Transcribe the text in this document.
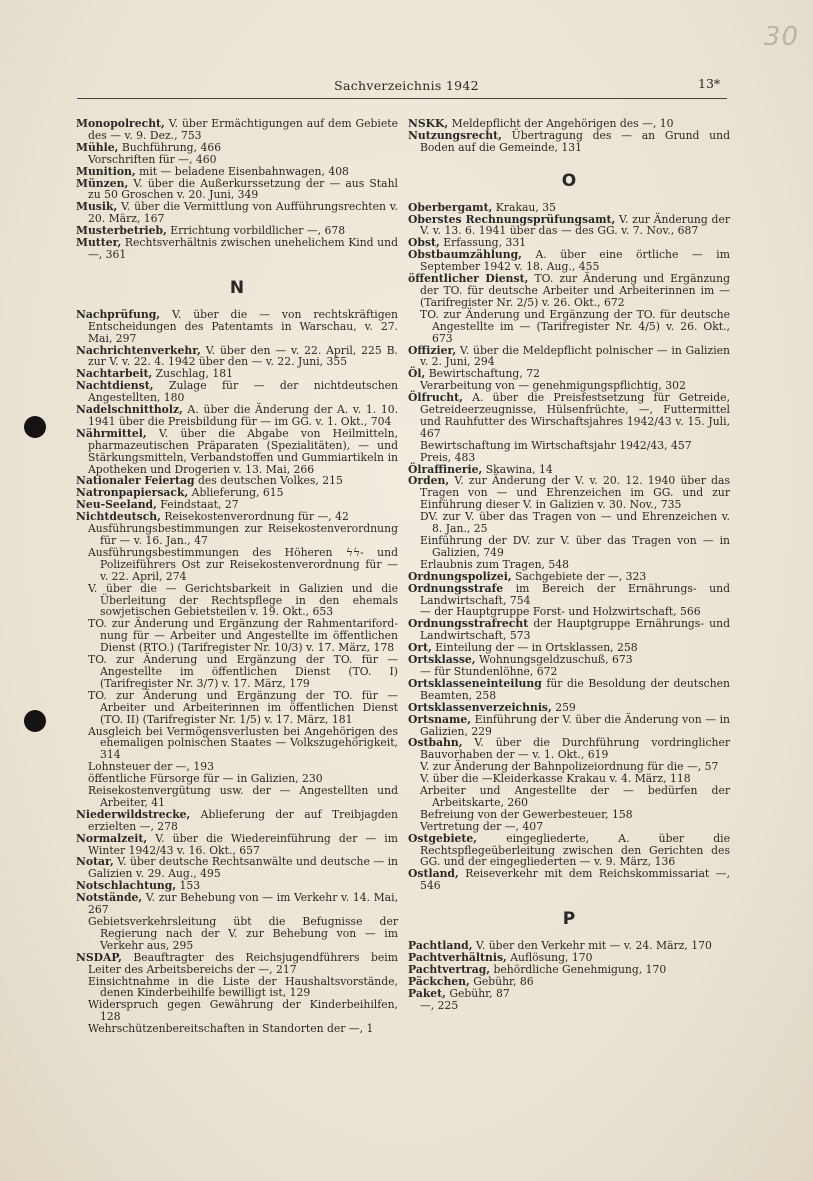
30
Sachverzeichnis 1942	13*

Monopolrecht, V. über Ermächtigungen auf dem Gebiete des — v. 9. Dez., 753

Mühle, Buchführung, 466

Vorschriften für —, 460

Munition, mit — beladene Eisenbahnwagen, 408

Münzen, V. über die Außerkurssetzung der — aus Stahl zu 50 Groschen v. 20. Juni, 349

Musik, V. über die Vermittlung von Aufführungsrechten v. 20. März, 167

Musterbetrieb, Errichtung vorbildlicher —, 678

Mutter, Rechtsverhältnis zwischen unehelichem Kind und —, 361

N

Nachprüfung, V. über die — von rechtskräftigen Entscheidungen des Patentamts in Warschau, v. 27. Mai, 297

Nachrichtenverkehr, V. über den — v. 22. April, 225 B. zur V. v. 22. 4. 1942 über den — v. 22. Juni, 355

Nachtarbeit, Zuschlag, 181

Nachtdienst, Zulage für — der nichtdeutschen Angestellten, 180

Nadelschnittholz, A. über die Änderung der A. v. 1. 10. 1941 über die Preisbildung für — im GG. v. 1. Okt., 704

Nährmittel, V. über die Abgabe von Heilmitteln, pharmazeutischen Präparaten (Spezialitäten), — und Stärkungsmitteln, Verbandstoffen und Gummiartikeln in Apotheken und Drogerien v. 13. Mai, 266

Nationaler Feiertag des deutschen Volkes, 215

Natronpapiersack, Ablieferung, 615

Neu-Seeland, Feindstaat, 27

Nichtdeutsch, Reisekostenverordnung für —, 42

Ausführungsbestimmungen zur Reisekostenverordnung für — v. 16. Jan., 47

Ausführungsbestimmungen des Höheren ϟϟ- und Polizeiführers Ost zur Reisekostenverordnung für — v. 22. April, 274

V. über die — Gerichtsbarkeit in Galizien und die Überleitung der Rechtspflege in den ehemals sowjetischen Gebietsteilen v. 19. Okt., 653

TO. zur Änderung und Ergänzung der Rahmentarifordnung für — Arbeiter und Angestellte im öffentlichen Dienst (RTO.) (Tarifregister Nr. 10/3) v. 17. März, 178

TO. zur Änderung und Ergänzung der TO. für — Angestellte im öffentlichen Dienst (TO. I) (Tarifregister Nr. 3/7) v. 17. März, 179

TO. zur Änderung und Ergänzung der TO. für — Arbeiter und Arbeiterinnen im öffentlichen Dienst (TO. II) (Tarifregister Nr. 1/5) v. 17. März, 181

Ausgleich bei Vermögensverlusten bei Angehörigen des ehemaligen polnischen Staates — Volkszugehörigkeit, 314

Lohnsteuer der —, 193

öffentliche Fürsorge für — in Galizien, 230

Reisekostenvergütung usw. der — Angestellten und Arbeiter, 41

Niederwildstrecke, Ablieferung der auf Treibjagden erzielten —, 278

Normalzeit, V. über die Wiedereinführung der — im Winter 1942/43 v. 16. Okt., 657

Notar, V. über deutsche Rechtsanwälte und deutsche — in Galizien v. 29. Aug., 495

Notschlachtung, 153

Notstände, V. zur Behebung von — im Verkehr v. 14. Mai, 267

Gebietsverkehrsleitung übt die Befugnisse der Regierung nach der V. zur Behebung von — im Verkehr aus, 295

NSDAP, Beauftragter des Reichsjugendführers beim Leiter des Arbeitsbereichs der —, 217

Einsichtnahme in die Liste der Haushaltsvorstände, denen Kinderbeihilfe bewilligt ist, 129

Widerspruch gegen Gewährung der Kinderbeihilfen, 128

Wehrschützenbereitschaften in Standorten der —, 1

NSKK, Meldepflicht der Angehörigen des —, 10

Nutzungsrecht, Übertragung des — an Grund und Boden auf die Gemeinde, 131

O

Oberbergamt, Krakau, 35

Oberstes Rechnungsprüfungsamt, V. zur Änderung der V. v. 13. 6. 1941 über das — des GG. v. 7. Nov., 687

Obst, Erfassung, 331

Obstbaumzählung, A. über eine örtliche — im September 1942 v. 18. Aug., 455

öffentlicher Dienst, TO. zur Änderung und Ergänzung der TO. für deutsche Arbeiter und Arbeiterinnen im — (Tarifregister Nr. 2/5) v. 26. Okt., 672

TO. zur Änderung und Ergänzung der TO. für deutsche Angestellte im — (Tarifregister Nr. 4/5) v. 26. Okt., 673

Offizier, V. über die Meldepflicht polnischer — in Galizien v. 2. Juni, 294

Öl, Bewirtschaftung, 72

Verarbeitung von — genehmigungspflichtig, 302

Ölfrucht, A. über die Preisfestsetzung für Getreide, Getreideerzeugnisse, Hülsenfrüchte, —, Futtermittel und Rauhfutter des Wirschaftsjahres 1942/43 v. 15. Juli, 467

Bewirtschaftung im Wirtschaftsjahr 1942/43, 457

Preis, 483

Ölraffinerie, Skawina, 14

Orden, V. zur Änderung der V. v. 20. 12. 1940 über das Tragen von — und Ehrenzeichen im GG. und zur Einführung dieser V. in Galizien v. 30. Nov., 735

DV. zur V. über das Tragen von — und Ehrenzeichen v. 8. Jan., 25

Einführung der DV. zur V. über das Tragen von — in Galizien, 749

Erlaubnis zum Tragen, 548

Ordnungspolizei, Sachgebiete der —, 323

Ordnungsstrafe im Bereich der Ernährungs- und Landwirtschaft, 754

— der Hauptgruppe Forst- und Holzwirtschaft, 566

Ordnungsstrafrecht der Hauptgruppe Ernährungs- und Landwirtschaft, 573

Ort, Einteilung der — in Ortsklassen, 258

Ortsklasse, Wohnungsgeldzuschuß, 673

— für Stundenlöhne, 672

Ortsklasseneinteilung für die Besoldung der deutschen Beamten, 258

Ortsklassenverzeichnis, 259

Ortsname, Einführung der V. über die Änderung von — in Galizien, 229

Ostbahn, V. über die Durchführung vordringlicher Bauvorhaben der — v. 1. Okt., 619

V. zur Änderung der Bahnpolizeiordnung für die —, 57

V. über die —Kleiderkasse Krakau v. 4. März, 118

Arbeiter und Angestellte der — bedürfen der Arbeitskarte, 260

Befreiung von der Gewerbesteuer, 158

Vertretung der —, 407

Ostgebiete, eingegliederte, A. über die Rechtspflegeüberleitung zwischen den Gerichten des GG. und der eingegliederten — v. 9. März, 136

Ostland, Reiseverkehr mit dem Reichskommissariat —, 546

P

Pachtland, V. über den Verkehr mit — v. 24. März, 170

Pachtverhältnis, Auflösung, 170

Pachtvertrag, behördliche Genehmigung, 170

Päckchen, Gebühr, 86

Paket, Gebühr, 87

—, 225
